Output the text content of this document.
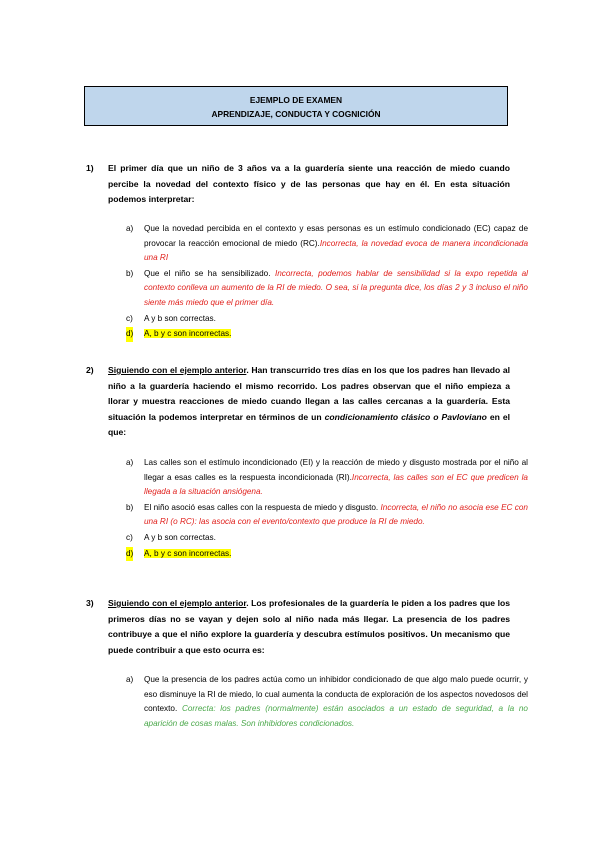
EJEMPLO DE EXAMEN
APRENDIZAJE, CONDUCTA Y COGNICIÓN
1) El primer día que un niño de 3 años va a la guardería siente una reacción de miedo cuando percibe la novedad del contexto físico y de las personas que hay en él. En esta situación podemos interpretar:
a) Que la novedad percibida en el contexto y esas personas es un estímulo condicionado (EC) capaz de provocar la reacción emocional de miedo (RC).Incorrecta, la novedad evoca de manera incondicionada una RI
b) Que el niño se ha sensibilizado. Incorrecta, podemos hablar de sensibilidad si la expo repetida al contexto conlleva un aumento de la RI de miedo. O sea, si la pregunta dice, los días 2 y 3 incluso el niño siente más miedo que el primer día.
c) A y b son correctas.
d) A, b y c son incorrectas.
2) Siguiendo con el ejemplo anterior. Han transcurrido tres días en los que los padres han llevado al niño a la guardería haciendo el mismo recorrido. Los padres observan que el niño empieza a llorar y muestra reacciones de miedo cuando llegan a las calles cercanas a la guardería. Esta situación la podemos interpretar en términos de un condicionamiento clásico o Pavloviano en el que:
a) Las calles son el estímulo incondicionado (EI) y la reacción de miedo y disgusto mostrada por el niño al llegar a esas calles es la respuesta incondicionada (RI).Incorrecta, las calles son el EC que predicen la llegada a la situación ansiógena.
b) El niño asoció esas calles con la respuesta de miedo y disgusto. Incorrecta, el niño no asocia ese EC con una RI (o RC): las asocia con el evento/contexto que produce la RI de miedo.
c) A y b son correctas.
d) A, b y c son incorrectas.
3) Siguiendo con el ejemplo anterior. Los profesionales de la guardería le piden a los padres que los primeros días no se vayan y dejen solo al niño nada más llegar. La presencia de los padres contribuye a que el niño explore la guardería y descubra estímulos positivos. Un mecanismo que puede contribuir a que esto ocurra es:
a) Que la presencia de los padres actúa como un inhibidor condicionado de que algo malo puede ocurrir, y eso disminuye la RI de miedo, lo cual aumenta la conducta de exploración de los aspectos novedosos del contexto. Correcta: los padres (normalmente) están asociados a un estado de seguridad, a la no aparición de cosas malas. Son inhibidores condicionados.
